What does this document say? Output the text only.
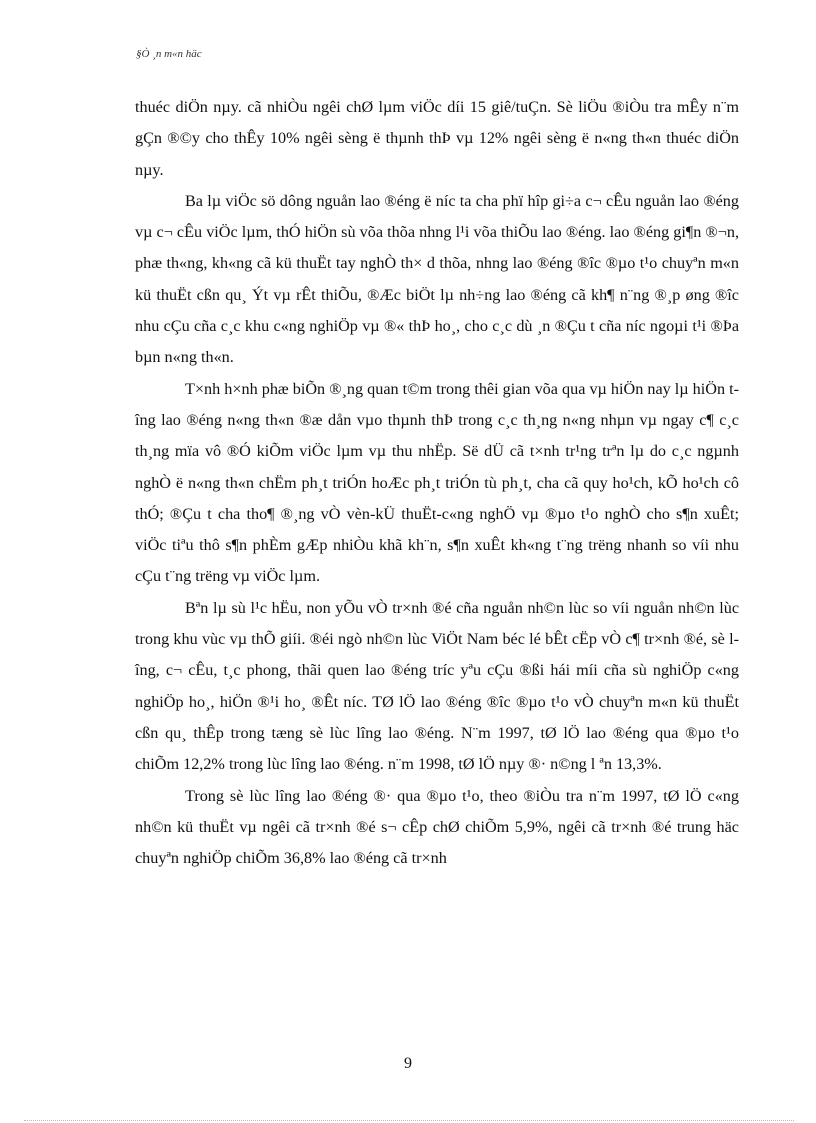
§Ò ¸n m«n häc

thuéc diÖn nµy. cã nhiÒu ngêi chØ lµm viÖc díi 15 giê/tuÇn. Sè liÖu ®iÒu tra mÊy n¨m gÇn ®©y cho thÊy 10% ngêi sèng ë thµnh thÞ vµ 12% ngêi sèng ë n«ng th«n thuéc diÖn nµy.

Ba lµ viÖc sö dông nguån lao ®éng ë níc ta cha phï hîp gi÷a c¬ cÊu nguån lao ®éng vµ c¬ cÊu viÖc lµm, thÓ hiÖn sù võa thõa nhng l¹i võa thiÕu lao ®éng. lao ®éng gi¶n ®¬n, phæ th«ng, kh«ng cã kü thuËt tay nghÒ th× d thõa, nhng lao ®éng ®îc ®µo t¹o chuyªn m«n kü thuËt cßn qu¸ Ýt vµ rÊt thiÕu, ®Æc biÖt lµ nh÷ng lao ®éng cã kh¶ n¨ng ®¸p øng ®îc nhu cÇu cña c¸c khu c«ng nghiÖp vµ ®« thÞ ho¸, cho c¸c dù ¸n ®Çu t cña níc ngoµi t¹i ®Þa bµn n«ng th«n.

T×nh h×nh phæ biÕn ®¸ng quan t©m trong thêi gian võa qua vµ hiÖn nay lµ hiÖn tîng lao ®éng n«ng th«n ®æ dån vµo thµnh thÞ trong c¸c th¸ng n«ng nhµn vµ ngay c¶ c¸c th¸ng mïa vô ®Ó kiÕm viÖc lµm vµ thu nhËp. Së dÜ cã t×nh tr¹ng trªn lµ do c¸c ngµnh nghÒ ë n«ng th«n chËm ph¸t triÓn hoÆc ph¸t triÓn tù ph¸t, cha cã quy ho¹ch, kÕ ho¹ch cô thÓ; ®Çu t cha tho¶ ®¸ng vÒ vèn-kÜ thuËt-c«ng nghÖ vµ ®µo t¹o nghÒ cho s¶n xuÊt; viÖc tiªu thô s¶n phÈm gÆp nhiÒu khã kh¨n, s¶n xuÊt kh«ng t¨ng trëng nhanh so víi nhu cÇu t¨ng trëng vµ viÖc lµm.

Bªn lµ sù l¹c hËu, non yÕu vÒ tr×nh ®é cña nguån nh©n lùc so víi nguån nh©n lùc trong khu vùc vµ thÕ giíi. ®éi ngò nh©n lùc ViÖt Nam béc lé bÊt cËp vÒ c¶ tr×nh ®é, sè lîng, c¬ cÊu, t¸c phong, thãi quen lao ®éng tríc yªu cÇu ®ßi hái míi cña sù nghiÖp c«ng nghiÖp ho¸, hiÖn ®¹i ho¸ ®Êt níc. TØ lÖ lao ®éng ®îc ®µo t¹o vÒ chuyªn m«n kü thuËt cßn qu¸ thÊp trong tæng sè lùc lîng lao ®éng. N¨m 1997, tØ lÖ lao ®éng qua ®µo t¹o chiÕm 12,2% trong lùc lîng lao ®éng. n¨m 1998, tØ lÖ nµy ®· n©ng l ªn 13,3%.

Trong sè lùc lîng lao ®éng ®· qua ®µo t¹o, theo ®iÒu tra n¨m 1997, tØ lÖ c«ng nh©n kü thuËt vµ ngêi cã tr×nh ®é s¬ cÊp chØ chiÕm 5,9%, ngêi cã tr×nh ®é trung häc chuyªn nghiÖp chiÕm 36,8% lao ®éng cã tr×nh

9
